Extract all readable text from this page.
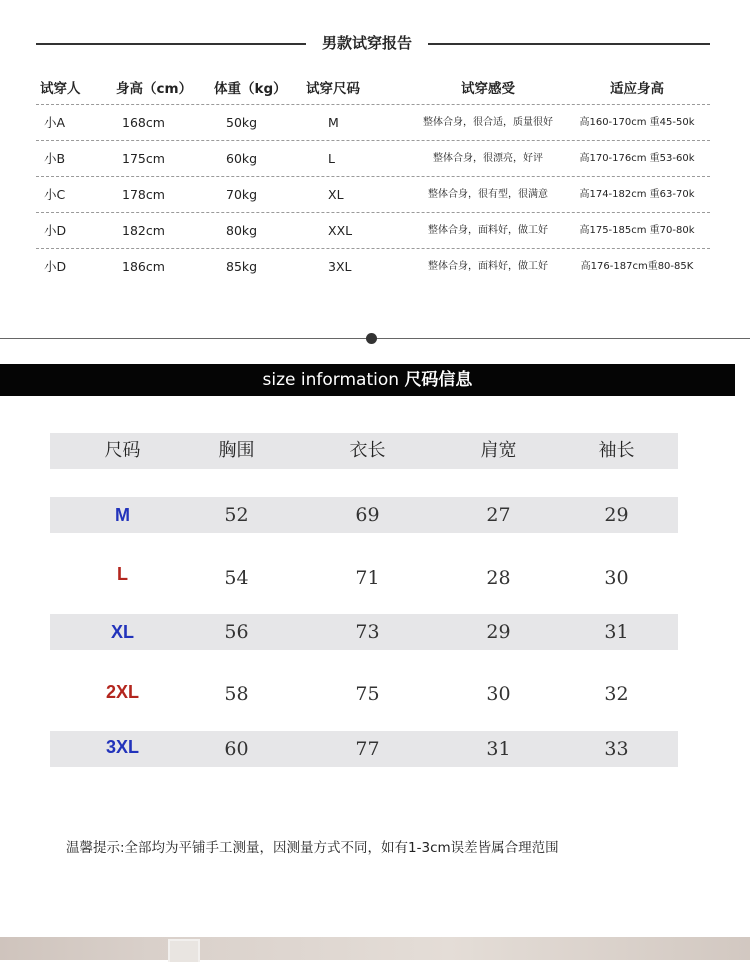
男款试穿报告
试穿人	身高（cm） 体重（kg） 试穿尺码	试穿感受	适应身高
小A	168cm	50kg	M	整体合身，很合适，质量很好	高160-170cm 重45-50k
小B	175cm	60kg	L	整体合身，很漂亮，好评	高170-176cm 重53-60k
小C	178cm	70kg	XL	整体合身，很有型，很满意	高174-182cm 重63-70k
小D	182cm	80kg	XXL	整体合身，面料好，做工好	高175-185cm 重70-80k
小D	186cm	85kg	3XL	整体合身，面料好，做工好	高176-187cm重80-85K
size information 尺码信息
尺码	胸围	衣长	肩宽	袖长
M	52	69	27	29
L	54	71	28	30
XL	56	73	29	31
2XL	58	75	30	32
3XL	60	77	31	33
温馨提示:全部均为平铺手工测量，因测量方式不同，如有1-3cm误差皆属合理范围
